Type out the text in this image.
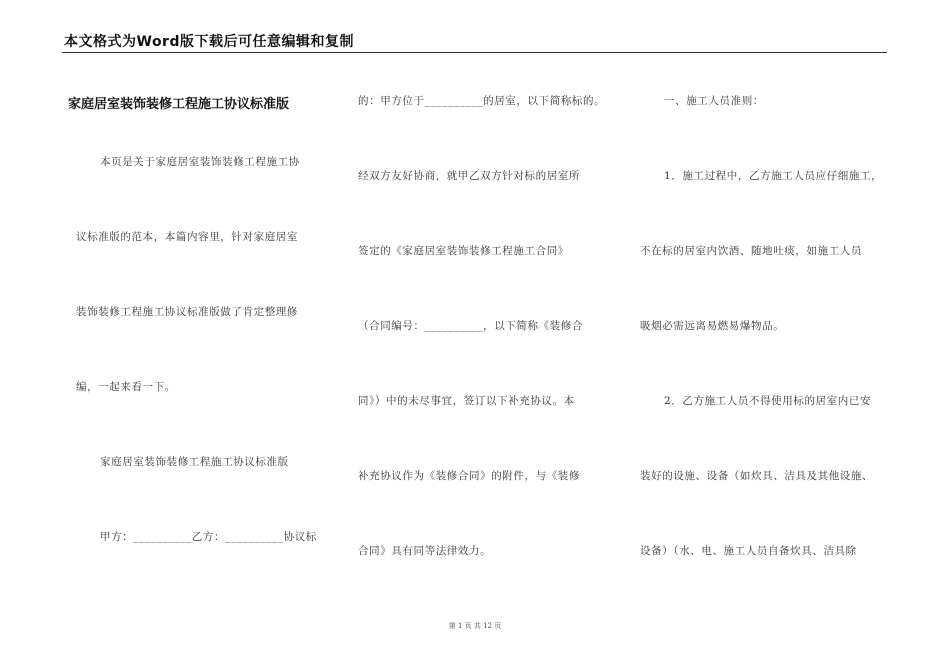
本文格式为Word版下载后可任意编辑和复制
家庭居室装饰装修工程施工协议标准版
本页是关于家庭居室装饰装修工程施工协
议标准版的范本，本篇内容里，针对家庭居室
装饰装修工程施工协议标准版做了肯定整理修
编，一起来看一下。
家庭居室装饰装修工程施工协议标准版
甲方：__________乙方：__________协议标
的：甲方位于__________的居室，以下简称标的。
经双方友好协商，就甲乙双方针对标的居室所
签定的《家庭居室装饰装修工程施工合同》
（合同编号：__________，以下简称《装修合
同》）中的未尽事宜，签订以下补充协议。本
补充协议作为《装修合同》的附件，与《装修
合同》具有同等法律效力。
一、施工人员准则：
1．施工过程中，乙方施工人员应仔细施工，
不在标的居室内饮酒、随地吐痰，如施工人员
吸烟必需远离易燃易爆物品。
2．乙方施工人员不得使用标的居室内已安
装好的设施、设备（如炊具、洁具及其他设施、
设备）（水、电、施工人员自备炊具、洁具除
第 1 页 共 12 页
